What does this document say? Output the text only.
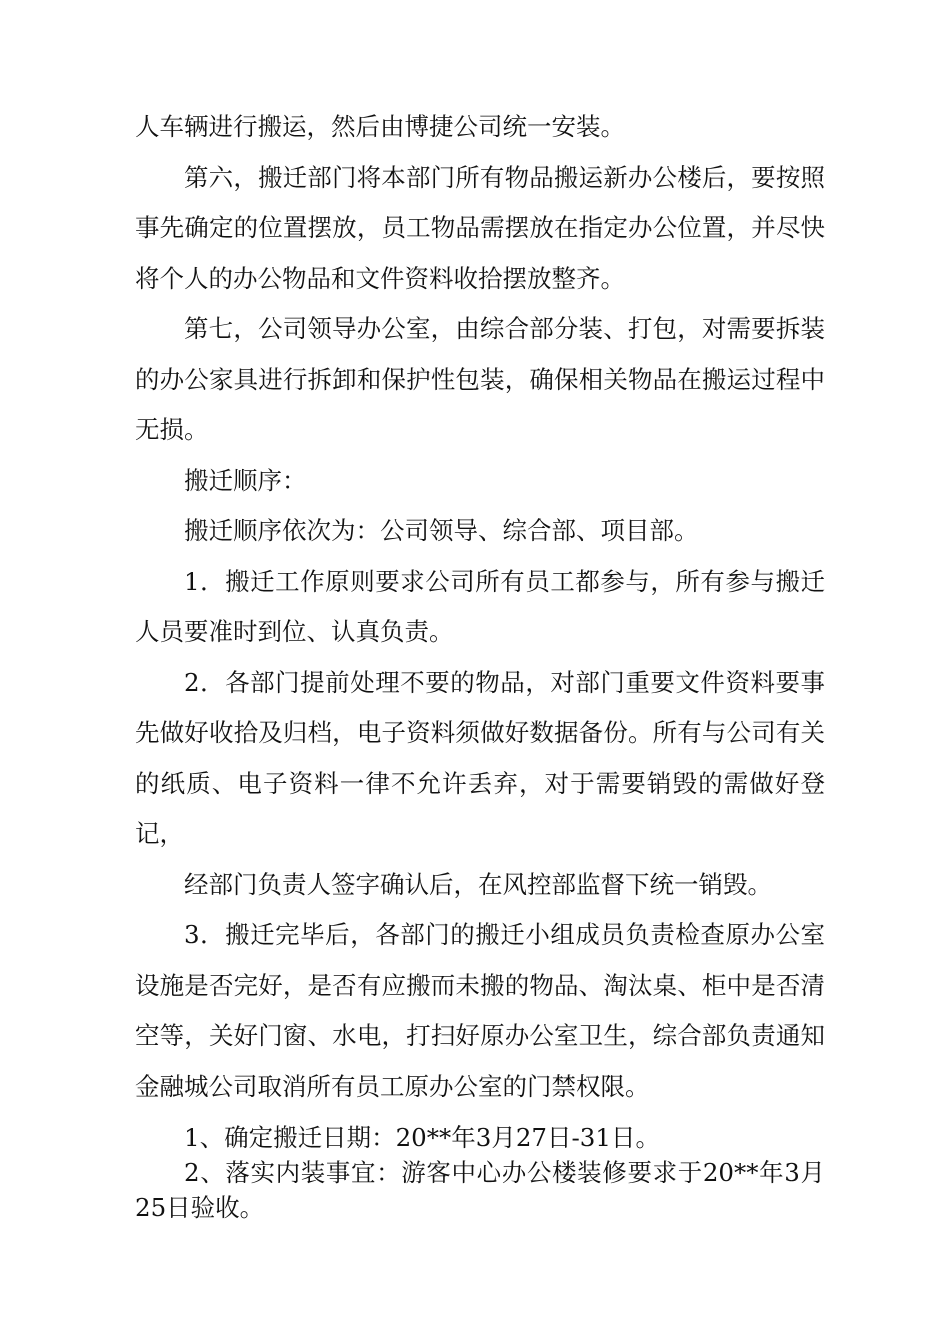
人车辆进行搬运，然后由博捷公司统一安装。

第六，搬迁部门将本部门所有物品搬运新办公楼后，要按照事先确定的位置摆放，员工物品需摆放在指定办公位置，并尽快将个人的办公物品和文件资料收拾摆放整齐。

第七，公司领导办公室，由综合部分装、打包，对需要拆装的办公家具进行拆卸和保护性包装，确保相关物品在搬运过程中无损。

搬迁顺序：

搬迁顺序依次为：公司领导、综合部、项目部。

1．搬迁工作原则要求公司所有员工都参与，所有参与搬迁人员要准时到位、认真负责。

2．各部门提前处理不要的物品，对部门重要文件资料要事先做好收拾及归档，电子资料须做好数据备份。所有与公司有关的纸质、电子资料一律不允许丢弃，对于需要销毁的需做好登记，

经部门负责人签字确认后，在风控部监督下统一销毁。

3．搬迁完毕后，各部门的搬迁小组成员负责检查原办公室设施是否完好，是否有应搬而未搬的物品、淘汰桌、柜中是否清空等，关好门窗、水电，打扫好原办公室卫生，综合部负责通知金融城公司取消所有员工原办公室的门禁权限。

1、确定搬迁日期：20**年3月27日-31日。

2、落实内装事宜：游客中心办公楼装修要求于20**年3月25日验收。
